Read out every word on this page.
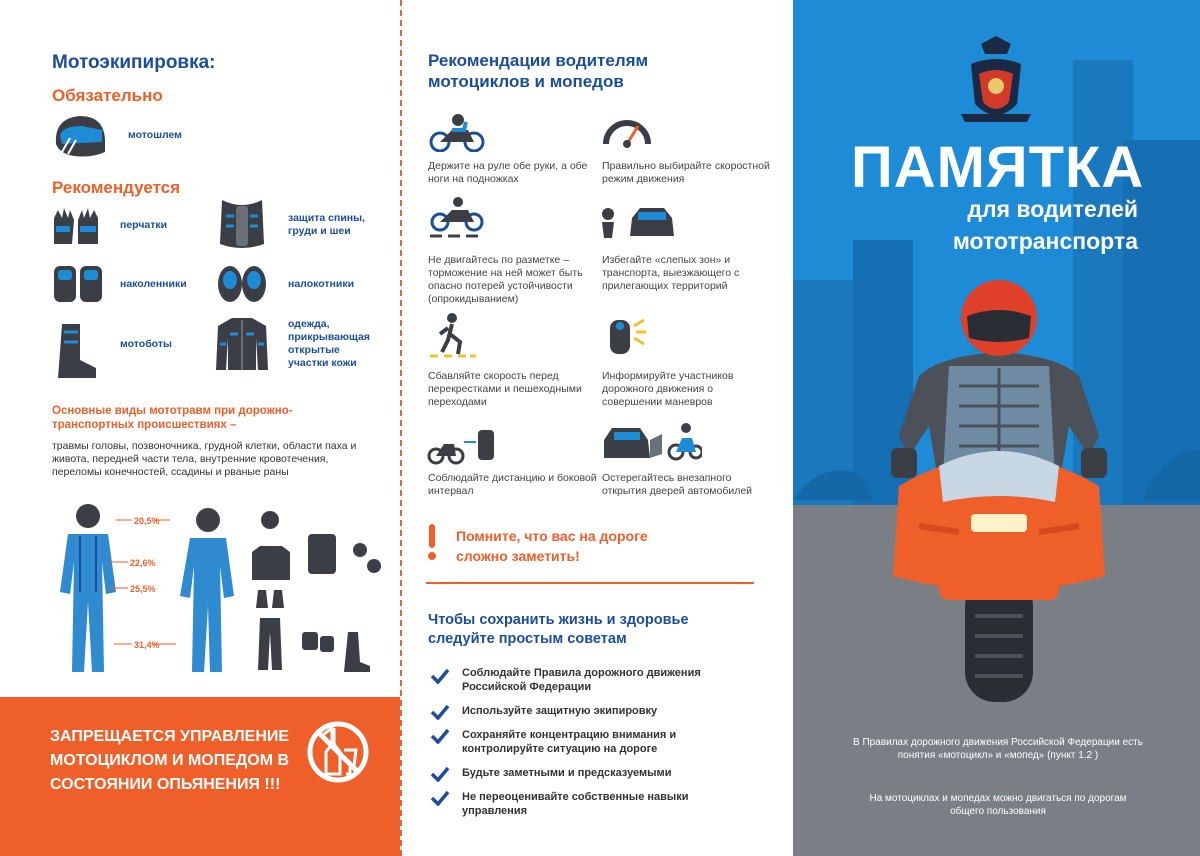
Мотоэкипировка:
Обязательно
мотошлем
Рекомендуется
перчатки
защита спины, груди и шеи
наколенники	налокотники
мотоботы
одежда, прикрывающая открытые участки кожи
Основные виды мототравм при дорожно-транспортных происшествиях –
травмы головы, позвоночника, грудной клетки, области паха и живота, передней части тела, внутренние кровотечения, переломы конечностей, ссадины и рваные раны
20,5%
22,6%
25,5%
31,4%
ЗАПРЕЩАЕТСЯ УПРАВЛЕНИЕ МОТОЦИКЛОМ И МОПЕДОМ В СОСТОЯНИИ ОПЬЯНЕНИЯ !!!
Рекомендации водителям мотоциклов и мопедов
Держите на руле обе руки, а обе ноги на подножках
Правильно выбирайте скоростной режим движения
Не двигайтесь по разметке – торможение на ней может быть опасно потерей устойчивости (опрокидыванием)
Избегайте «слепых зон» и транспорта, выезжающего с прилегающих территорий
Сбавляйте скорость перед перекрестками и пешеходными переходами
Информируйте участников дорожного движения о совершении маневров
Соблюдайте дистанцию и боковой интервал
Остерегайтесь внезапного открытия дверей автомобилей
Помните, что вас на дороге сложно заметить!
Чтобы сохранить жизнь и здоровье следуйте простым советам
Соблюдайте Правила дорожного движения Российской Федерации
Используйте защитную экипировку
Сохраняйте концентрацию внимания и контролируйте ситуацию на дороге
Будьте заметными и предсказуемыми
Не переоценивайте собственные навыки управления
ПАМЯТКА
для водителей
мототранспорта
В Правилах дорожного движения Российской Федерации есть понятия «мотоцикл» и «мопед» (пункт 1.2 )
На мотоциклах и мопедах можно двигаться по дорогам общего пользования
